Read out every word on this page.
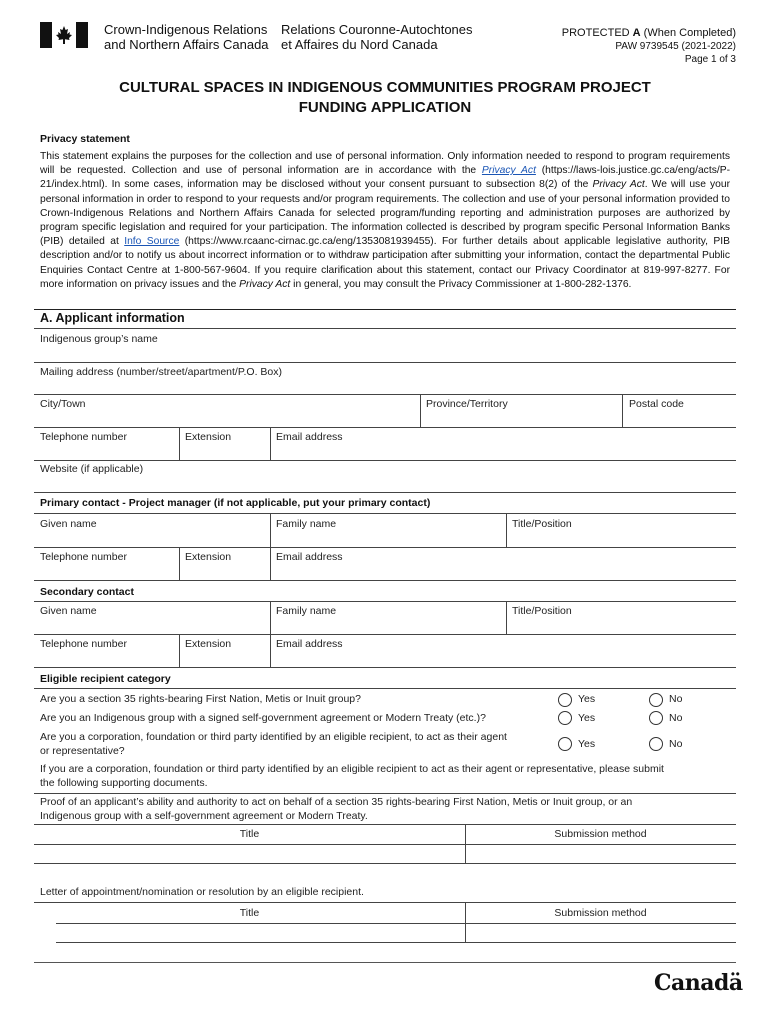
Crown-Indigenous Relations
and Northern Affairs Canada
Relations Couronne-Autochtones
et Affaires du Nord Canada
PROTECTED A (When Completed)
PAW 9739545 (2021-2022)
Page 1 of 3
CULTURAL SPACES IN INDIGENOUS COMMUNITIES PROGRAM PROJECT
FUNDING APPLICATION
Privacy statement
This statement explains the purposes for the collection and use of personal information. Only information needed to respond to program requirements will be requested. Collection and use of personal information are in accordance with the Privacy Act (https://laws-lois.justice.gc.ca/eng/acts/P-21/index.html). In some cases, information may be disclosed without your consent pursuant to subsection 8(2) of the Privacy Act. We will use your personal information in order to respond to your requests and/or program requirements. The collection and use of your personal information provided to Crown-Indigenous Relations and Northern Affairs Canada for selected program/funding reporting and administration purposes are authorized by program specific legislation and required for your participation. The information collected is described by program specific Personal Information Banks (PIB) detailed at Info Source (https://www.rcaanc-cirnac.gc.ca/eng/1353081939455). For further details about applicable legislative authority, PIB description and/or to notify us about incorrect information or to withdraw participation after submitting your information, contact the departmental Public Enquiries Contact Centre at 1-800-567-9604. If you require clarification about this statement, contact our Privacy Coordinator at 819-997-8277. For more information on privacy issues and the Privacy Act in general, you may consult the Privacy Commissioner at 1-800-282-1376.
A. Applicant information
Indigenous group’s name
Mailing address (number/street/apartment/P.O. Box)
City/Town	Province/Territory	Postal code
Telephone number	Extension	Email address
Website (if applicable)
Primary contact - Project manager (if not applicable, put your primary contact)
Given name	Family name	Title/Position
Telephone number	Extension	Email address
Secondary contact
Given name	Family name	Title/Position
Telephone number	Extension	Email address
Eligible recipient category
Are you a section 35 rights-bearing First Nation, Metis or Inuit group?	Yes	No
Are you an Indigenous group with a signed self-government agreement or Modern Treaty (etc.)?	Yes	No
Are you a corporation, foundation or third party identified by an eligible recipient, to act as their agent
or representative?
Yes	No
If you are a corporation, foundation or third party identified by an eligible recipient to act as their agent or representative, please submit
the following supporting documents.
Proof of an applicant’s ability and authority to act on behalf of a section 35 rights-bearing First Nation, Metis or Inuit group, or an
Indigenous group with a self-government agreement or Modern Treaty.
Title	Submission method
Letter of appointment/nomination or resolution by an eligible recipient.
Title	Submission method
Canadä
